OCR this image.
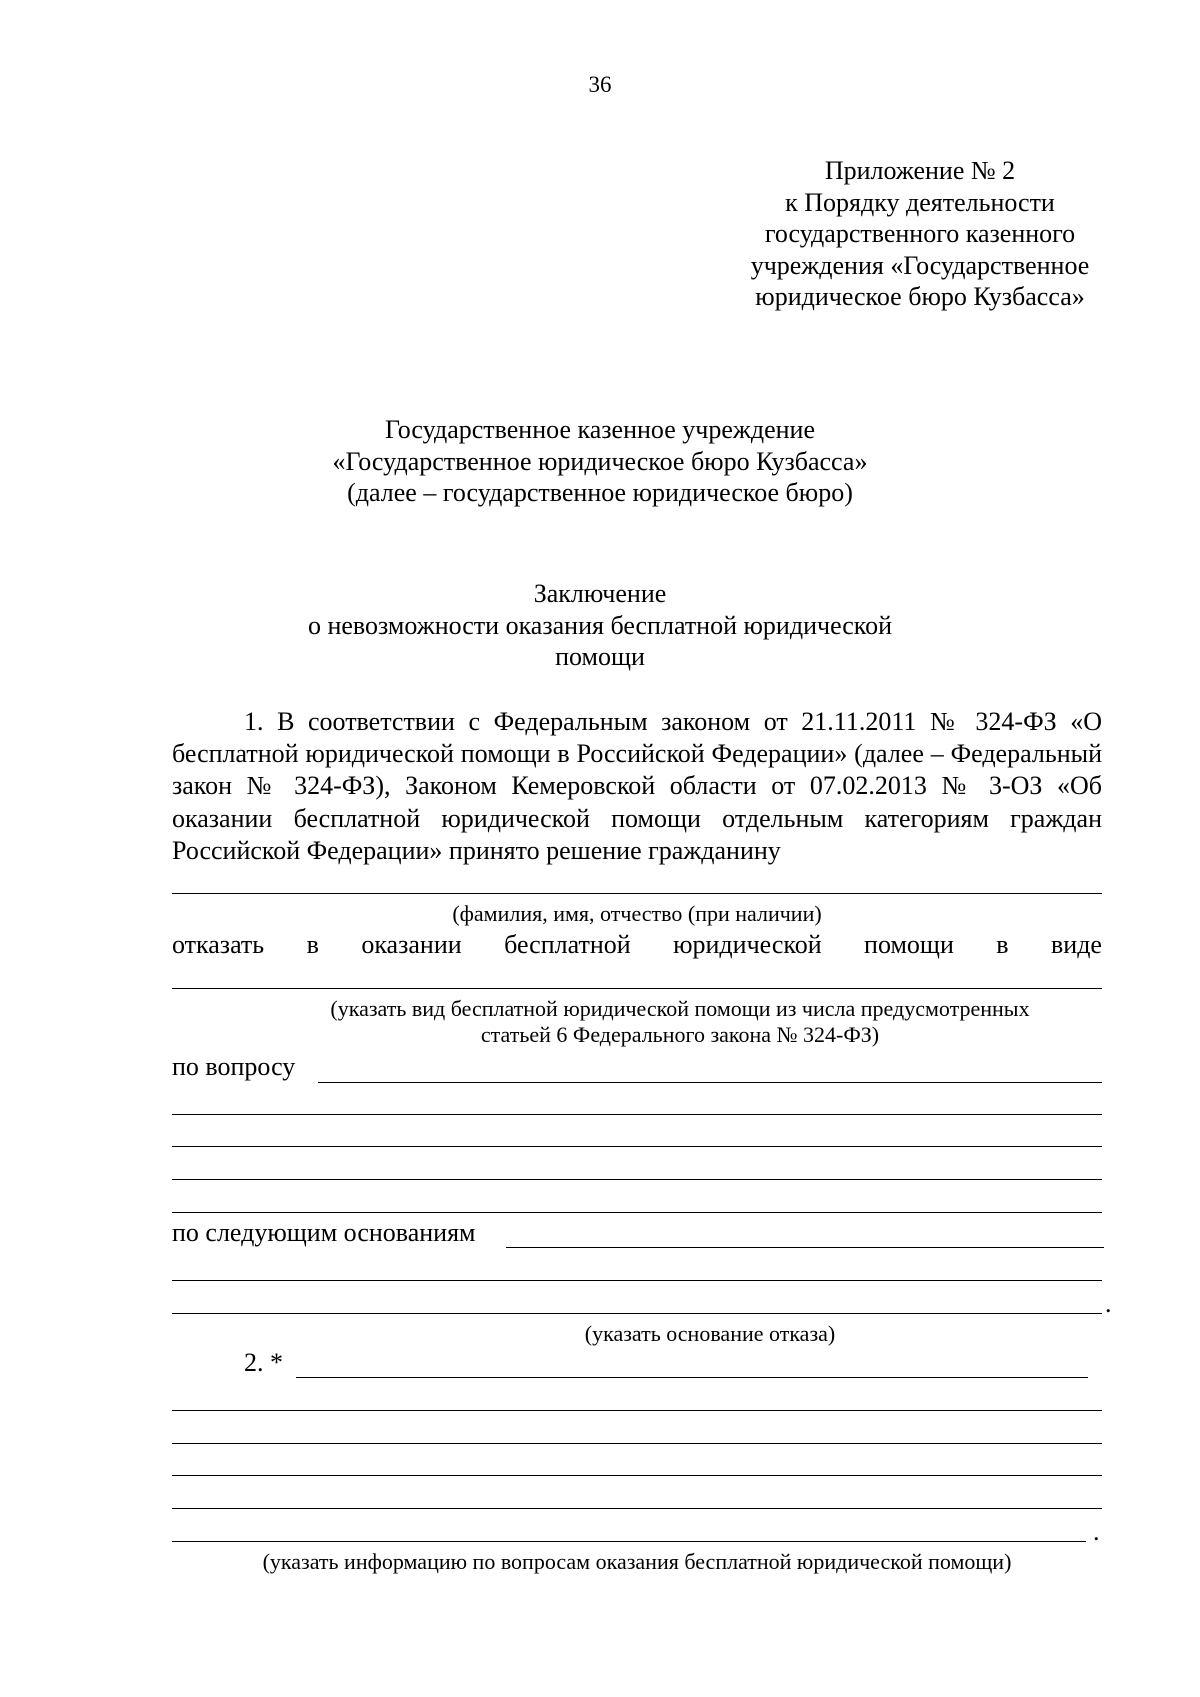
36
Приложение № 2
к Порядку деятельности
государственного казенного
учреждения «Государственное
юридическое бюро Кузбасса»
Государственное казенное учреждение
«Государственное юридическое бюро Кузбасса»
(далее – государственное юридическое бюро)
Заключение
о невозможности оказания бесплатной юридической
помощи
1. В соответствии с Федеральным законом от 21.11.2011 № 324-ФЗ «О бесплатной юридической помощи в Российской Федерации» (далее – Федеральный закон № 324-ФЗ), Законом Кемеровской области от 07.02.2013 № 3-ОЗ «Об оказании бесплатной юридической помощи отдельным категориям граждан Российской Федерации» принято решение гражданину
(фамилия, имя, отчество (при наличии)
отказать в оказании бесплатной юридической помощи в виде
(указать вид бесплатной юридической помощи из числа предусмотренных
статьей 6 Федерального закона № 324-ФЗ)
по вопросу
по следующим основаниям
.
(указать основание отказа)
2. *
.
(указать информацию по вопросам оказания бесплатной юридической помощи)
